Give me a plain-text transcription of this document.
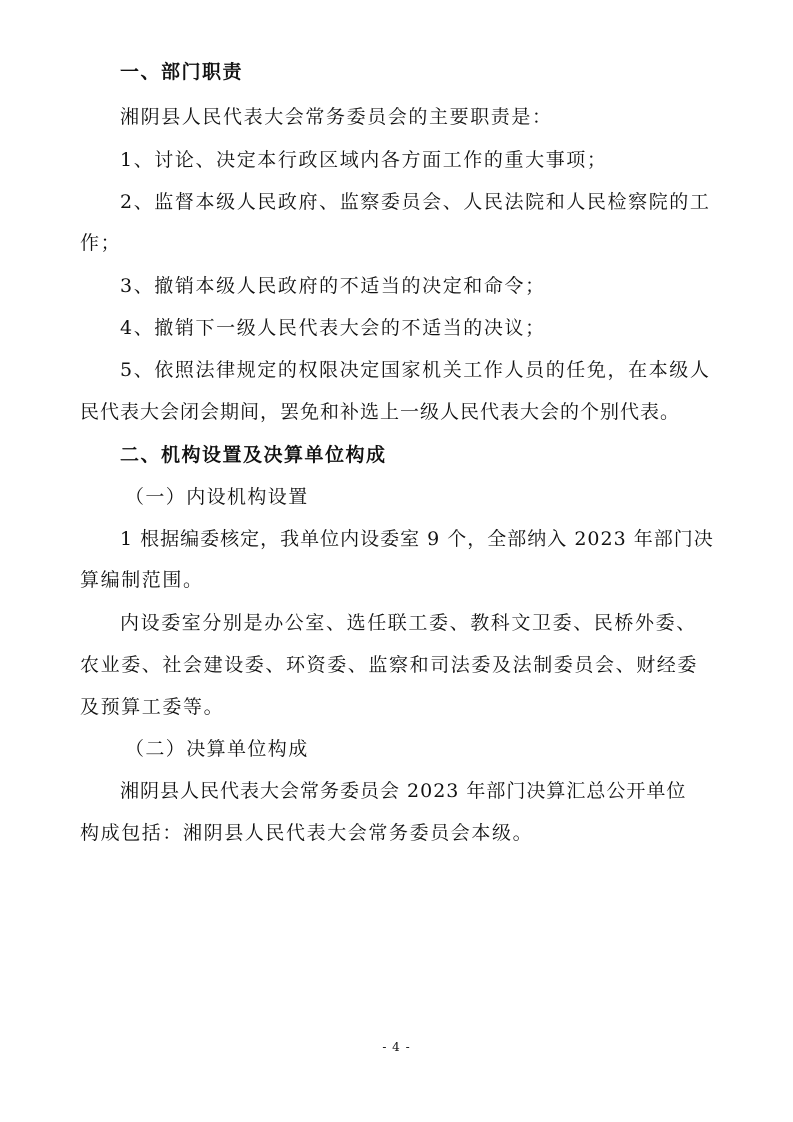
一、部门职责
湘阴县人民代表大会常务委员会的主要职责是：
1、讨论、决定本行政区域内各方面工作的重大事项；
2、监督本级人民政府、监察委员会、人民法院和人民检察院的工
作；
3、撤销本级人民政府的不适当的决定和命令；
4、撤销下一级人民代表大会的不适当的决议；
5、依照法律规定的权限决定国家机关工作人员的任免，在本级人
民代表大会闭会期间，罢免和补选上一级人民代表大会的个别代表。
二、机构设置及决算单位构成
（一）内设机构设置
1 根据编委核定，我单位内设委室 9 个，全部纳入 2023 年部门决
算编制范围。
内设委室分别是办公室、选任联工委、教科文卫委、民桥外委、
农业委、社会建设委、环资委、监察和司法委及法制委员会、财经委
及预算工委等。
（二）决算单位构成
湘阴县人民代表大会常务委员会 2023 年部门决算汇总公开单位
构成包括：湘阴县人民代表大会常务委员会本级。
- 4 -
